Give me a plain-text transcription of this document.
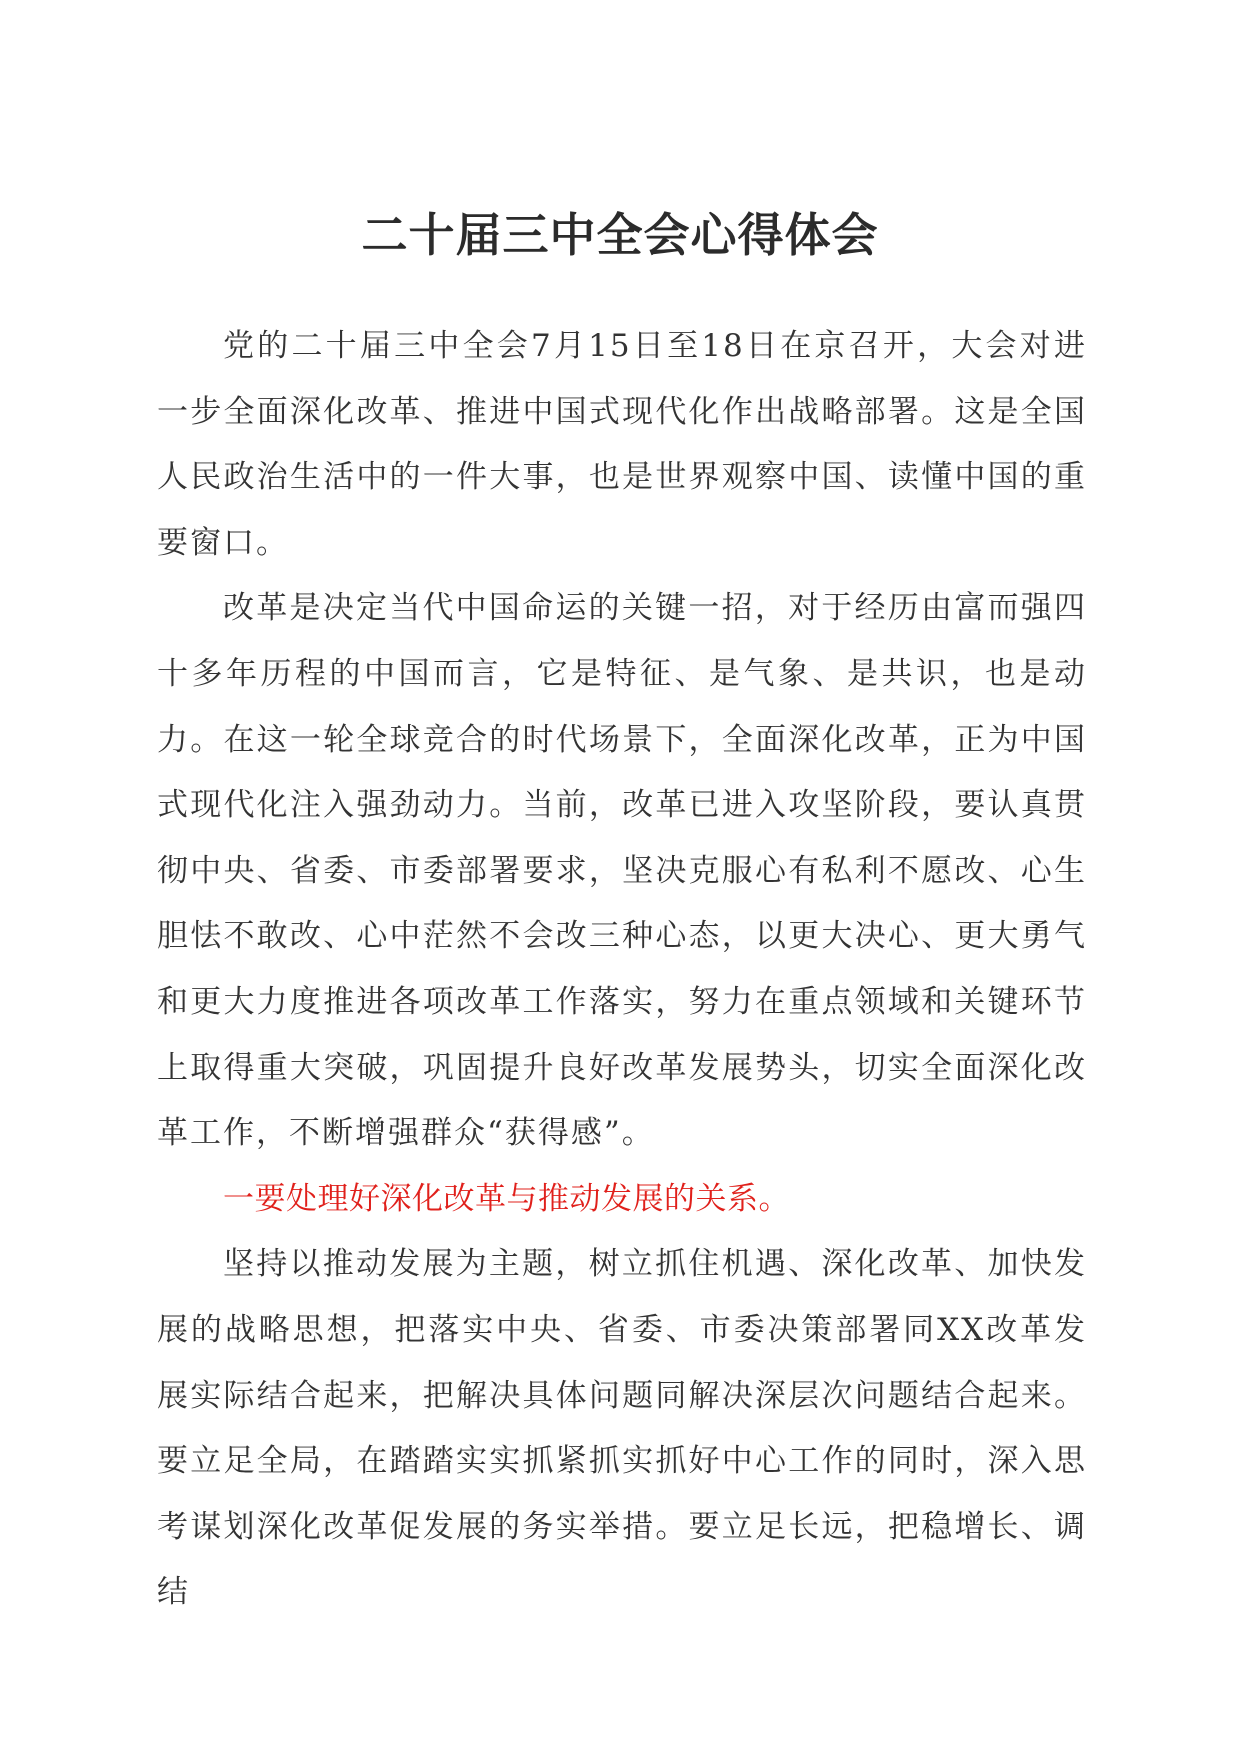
二十届三中全会心得体会

党的二十届三中全会7月15日至18日在京召开，大会对进一步全面深化改革、推进中国式现代化作出战略部署。这是全国人民政治生活中的一件大事，也是世界观察中国、读懂中国的重要窗口。

改革是决定当代中国命运的关键一招，对于经历由富而强四十多年历程的中国而言，它是特征、是气象、是共识，也是动力。在这一轮全球竞合的时代场景下，全面深化改革，正为中国式现代化注入强劲动力。当前，改革已进入攻坚阶段，要认真贯彻中央、省委、市委部署要求，坚决克服心有私利不愿改、心生胆怯不敢改、心中茫然不会改三种心态，以更大决心、更大勇气和更大力度推进各项改革工作落实，努力在重点领域和关键环节上取得重大突破，巩固提升良好改革发展势头，切实全面深化改革工作，不断增强群众“获得感”。

一要处理好深化改革与推动发展的关系。

坚持以推动发展为主题，树立抓住机遇、深化改革、加快发展的战略思想，把落实中央、省委、市委决策部署同XX改革发展实际结合起来，把解决具体问题同解决深层次问题结合起来。要立足全局，在踏踏实实抓紧抓实抓好中心工作的同时，深入思考谋划深化改革促发展的务实举措。要立足长远，把稳增长、调结
